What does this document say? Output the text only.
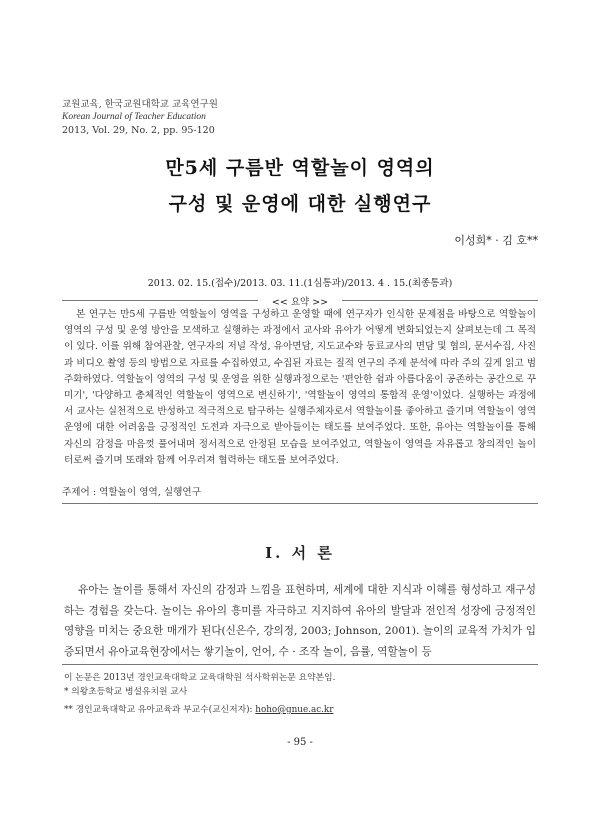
교원교육, 한국교원대학교 교육연구원
Korean Journal of Teacher Education
2013, Vol. 29, No. 2, pp. 95-120
만5세 구름반 역할놀이 영역의
구성 및 운영에 대한 실행연구
이성희* · 김 호**
2013. 02. 15.(접수)/2013. 03. 11.(1심통과)/2013. 4 . 15.(최종통과)
<< 요약 >>
본 연구는 만5세 구름반 역할놀이 영역을 구성하고 운영할 때에 연구자가 인식한 문제점을 바탕으로 역할놀이 영역의 구성 및 운영 방안을 모색하고 실행하는 과정에서 교사와 유아가 어떻게 변화되었는지 살펴보는데 그 목적이 있다. 이를 위해 참여관찰, 연구자의 저널 작성, 유아면담, 지도교수와 동료교사의 면담 및 협의, 문서수집, 사진과 비디오 촬영 등의 방법으로 자료를 수집하였고, 수집된 자료는 질적 연구의 주제 분석에 따라 주의 깊게 읽고 범주화하였다. 역할놀이 영역의 구성 및 운영을 위한 실행과정으로는 '편안한 쉼과 아름다움이 공존하는 공간으로 꾸미기', '다양하고 총체적인 역할놀이 영역으로 변신하기', '역할놀이 영역의 통합적 운영'이었다. 실행하는 과정에서 교사는 실천적으로 반성하고 적극적으로 탐구하는 실행주체자로서 역할놀이를 좋아하고 즐기며 역할놀이 영역 운영에 대한 어려움을 긍정적인 도전과 자극으로 받아들이는 태도를 보여주었다. 또한, 유아는 역할놀이를 통해 자신의 감정을 마음껏 풀어내며 정서적으로 안정된 모습을 보여주었고, 역할놀이 영역을 자유롭고 창의적인 놀이터로써 즐기며 또래와 함께 어우러져 협력하는 태도를 보여주었다.
주제어 : 역할놀이 영역, 실행연구
Ⅰ. 서 론
유아는 놀이를 통해서 자신의 감정과 느낌을 표현하며, 세계에 대한 지식과 이해를 형성하고 재구성하는 경험을 갖는다. 놀이는 유아의 흥미를 자극하고 지지하여 유아의 발달과 전인적 성장에 긍정적인 영향을 미치는 중요한 매개가 된다(신은수, 강의정, 2003; Johnson, 2001). 놀이의 교육적 가치가 입증되면서 유아교육현장에서는 쌓기놀이, 언어, 수 · 조작 놀이, 음률, 역할놀이 등
이 논문은 2013년 경인교육대학교 교육대학원 석사학위논문 요약본임.
* 의왕초등학교 병설유치원 교사
** 경인교육대학교 유아교육과 부교수(교신저자): hoho@gnue.ac.kr
- 95 -
